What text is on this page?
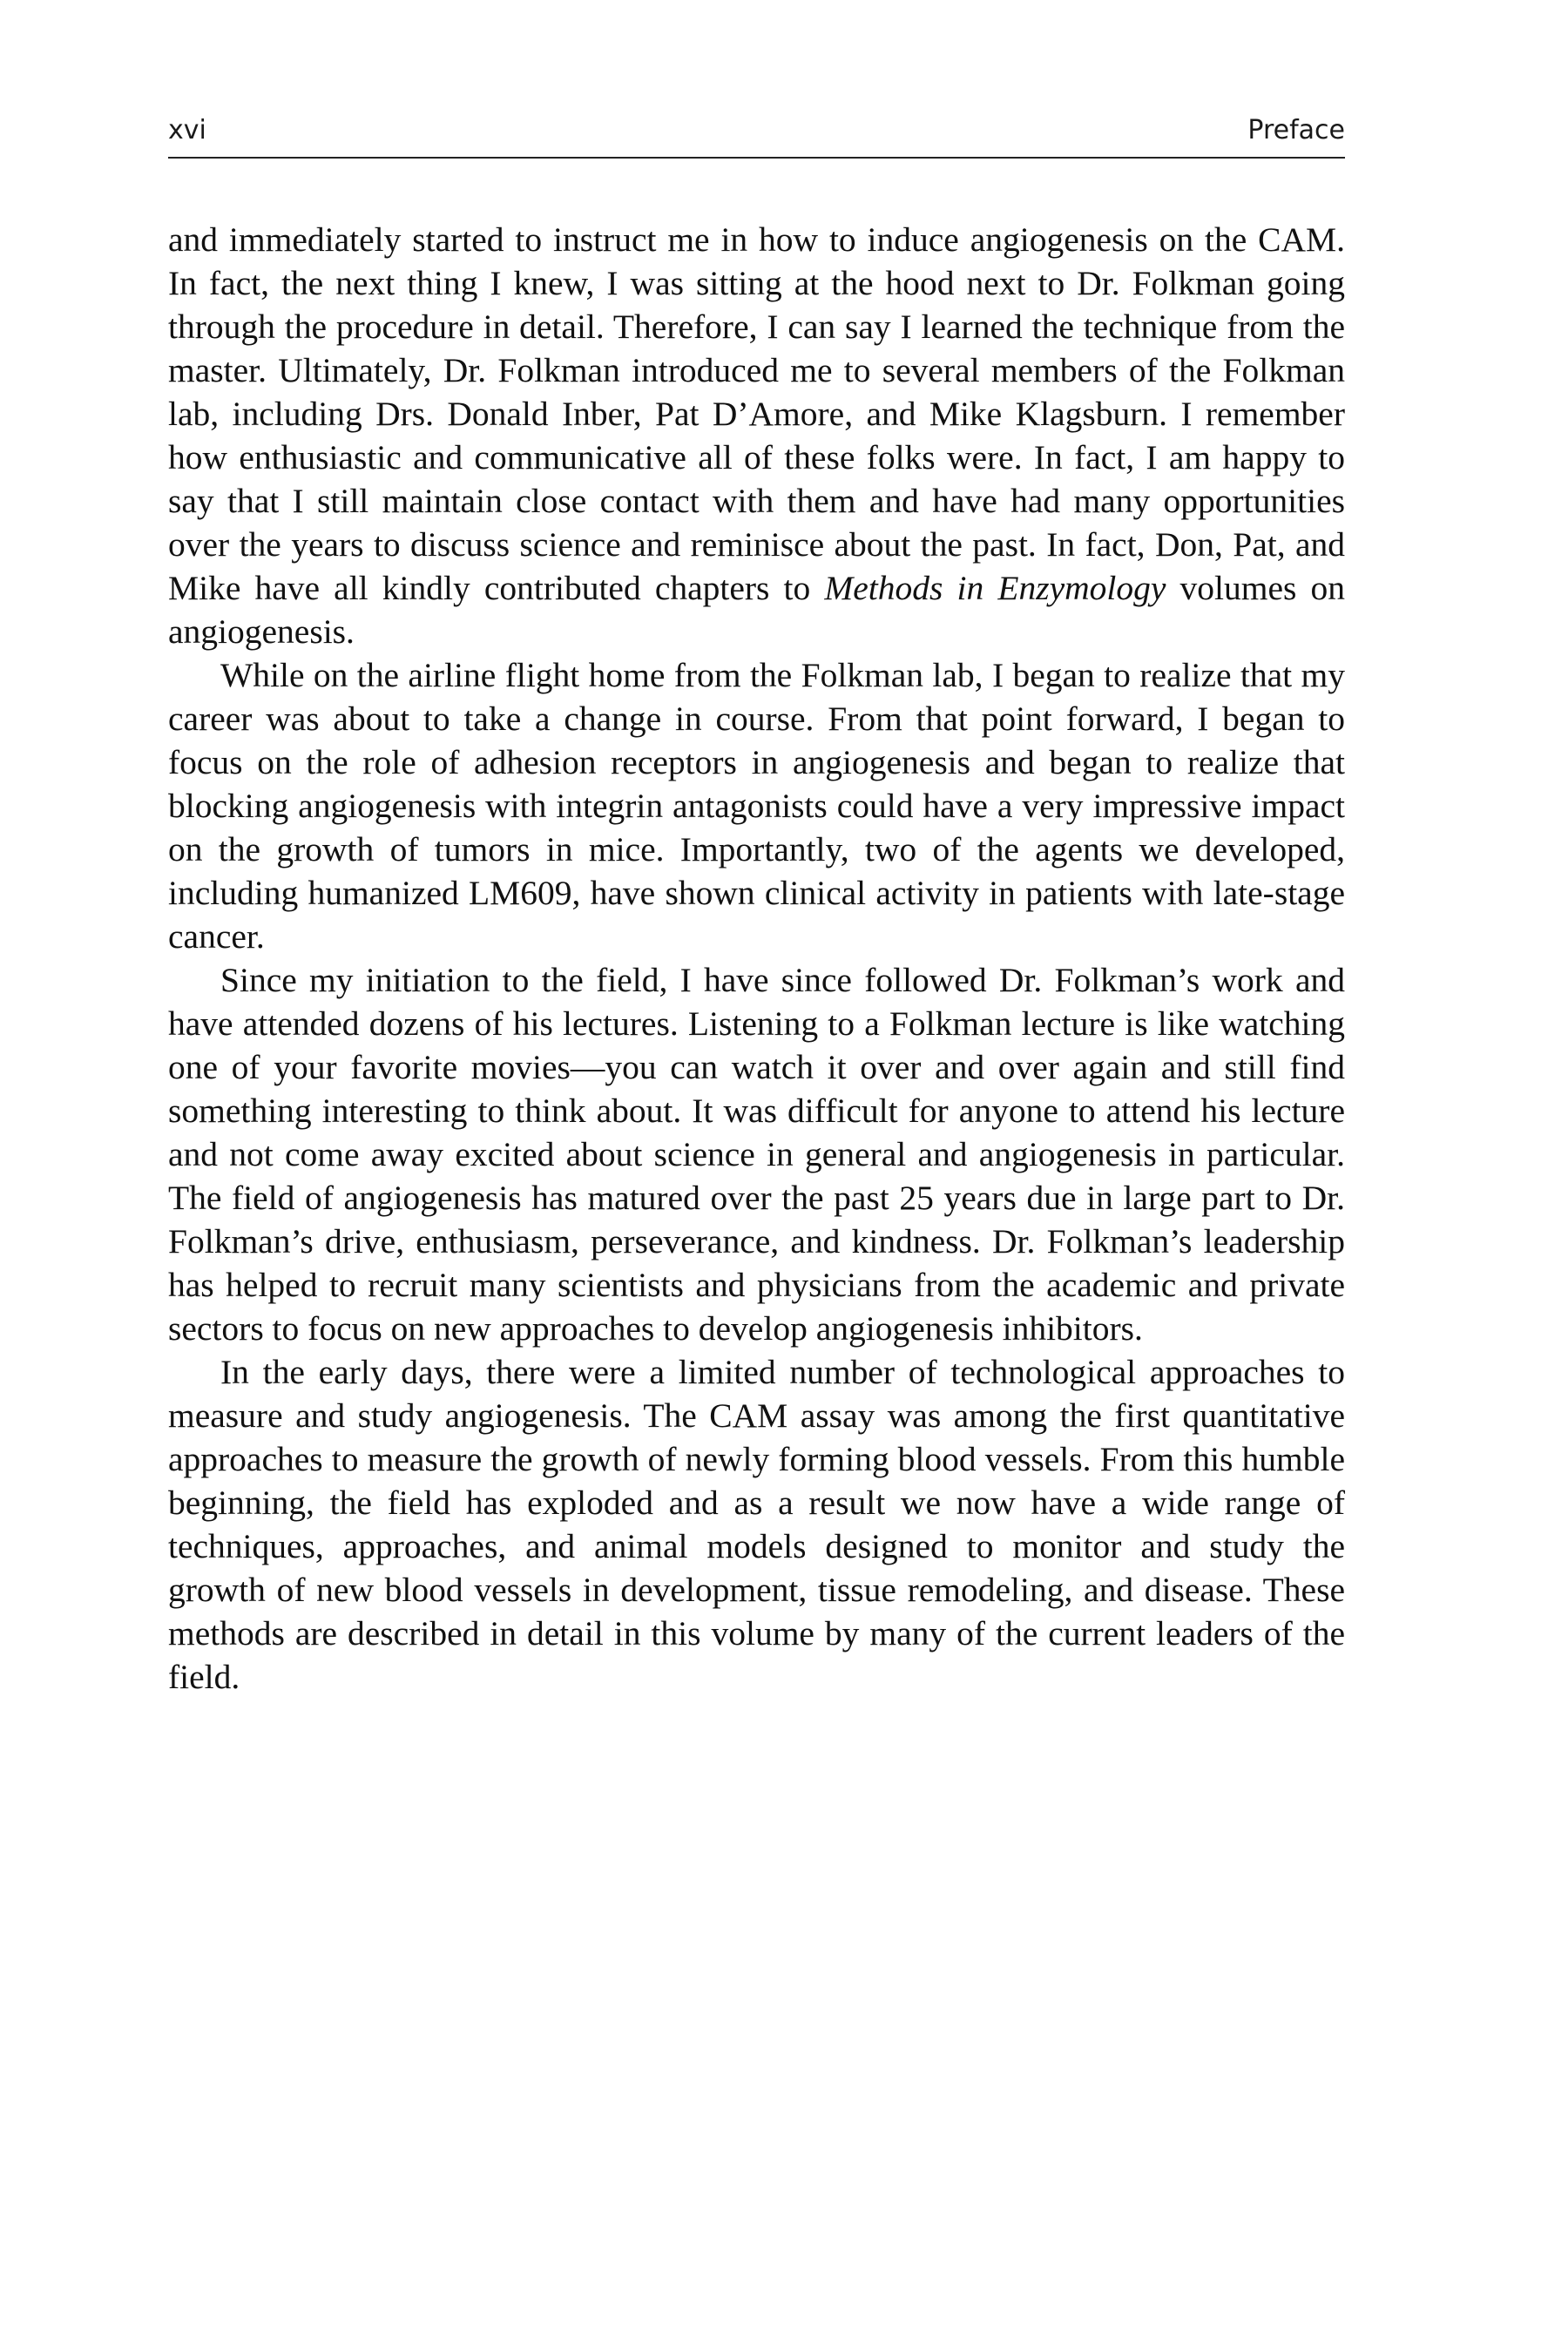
xvi	Preface

and immediately started to instruct me in how to induce angiogenesis on the CAM. In fact, the next thing I knew, I was sitting at the hood next to Dr. Folkman going through the procedure in detail. Therefore, I can say I learned the technique from the master. Ultimately, Dr. Folkman introduced me to several members of the Folkman lab, including Drs. Donald Inber, Pat D’Amore, and Mike Klagsburn. I remember how enthusiastic and communicative all of these folks were. In fact, I am happy to say that I still maintain close contact with them and have had many opportunities over the years to discuss science and reminisce about the past. In fact, Don, Pat, and Mike have all kindly contributed chapters to Methods in Enzymology volumes on angiogenesis.

While on the airline flight home from the Folkman lab, I began to realize that my career was about to take a change in course. From that point forward, I began to focus on the role of adhesion receptors in angiogenesis and began to realize that blocking angiogenesis with integrin antagonists could have a very impressive impact on the growth of tumors in mice. Importantly, two of the agents we developed, including humanized LM609, have shown clinical activity in patients with late-stage cancer.

Since my initiation to the field, I have since followed Dr. Folkman’s work and have attended dozens of his lectures. Listening to a Folkman lecture is like watching one of your favorite movies—you can watch it over and over again and still find something interesting to think about. It was difficult for anyone to attend his lecture and not come away excited about science in general and angiogenesis in particular. The field of angiogenesis has matured over the past 25 years due in large part to Dr. Folkman’s drive, enthusiasm, perseverance, and kindness. Dr. Folkman’s leadership has helped to recruit many scientists and physicians from the academic and private sectors to focus on new approaches to develop angiogenesis inhibitors.

In the early days, there were a limited number of technological approaches to measure and study angiogenesis. The CAM assay was among the first quantitative approaches to measure the growth of newly forming blood vessels. From this humble beginning, the field has exploded and as a result we now have a wide range of techniques, approaches, and animal models designed to monitor and study the growth of new blood vessels in development, tissue remodeling, and disease. These methods are described in detail in this volume by many of the current leaders of the field.
